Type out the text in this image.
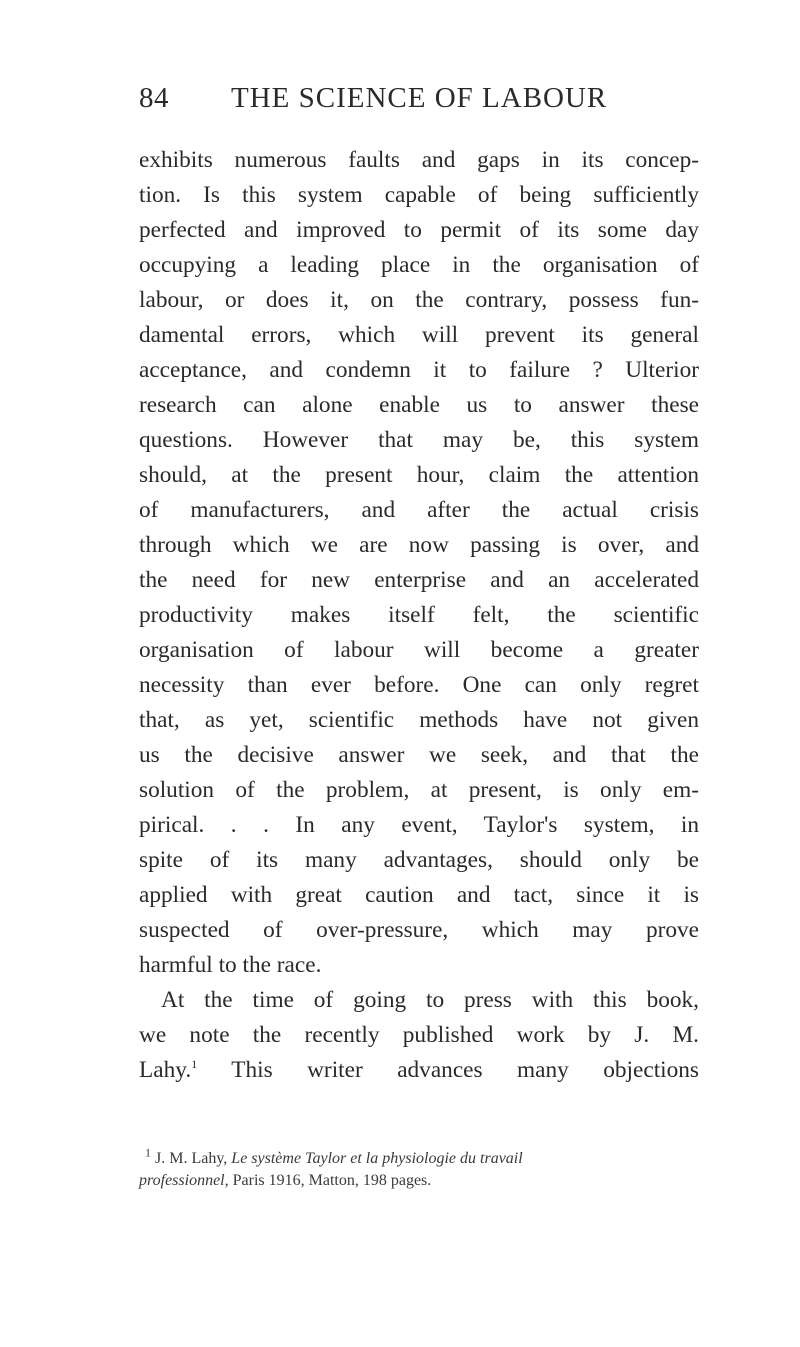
84 THE SCIENCE OF LABOUR
exhibits numerous faults and gaps in its concep-
tion. Is this system capable of being sufficiently
perfected and improved to permit of its some day
occupying a leading place in the organisation of
labour, or does it, on the contrary, possess fun-
damental errors, which will prevent its general
acceptance, and condemn it to failure ? Ulterior
research can alone enable us to answer these
questions. However that may be, this system
should, at the present hour, claim the attention
of manufacturers, and after the actual crisis
through which we are now passing is over, and
the need for new enterprise and an accelerated
productivity makes itself felt, the scientific
organisation of labour will become a greater
necessity than ever before. One can only regret
that, as yet, scientific methods have not given
us the decisive answer we seek, and that the
solution of the problem, at present, is only em-
pirical. . . In any event, Taylor's system, in
spite of its many advantages, should only be
applied with great caution and tact, since it is
suspected of over-pressure, which may prove
harmful to the race.
At the time of going to press with this book,
we note the recently published work by J. M.
Lahy.$^1$ This writer advances many objections
$^1$ J. M. Lahy, Le système Taylor et la physiologie du travail
professionnel, Paris 1916, Matton, 198 pages.
